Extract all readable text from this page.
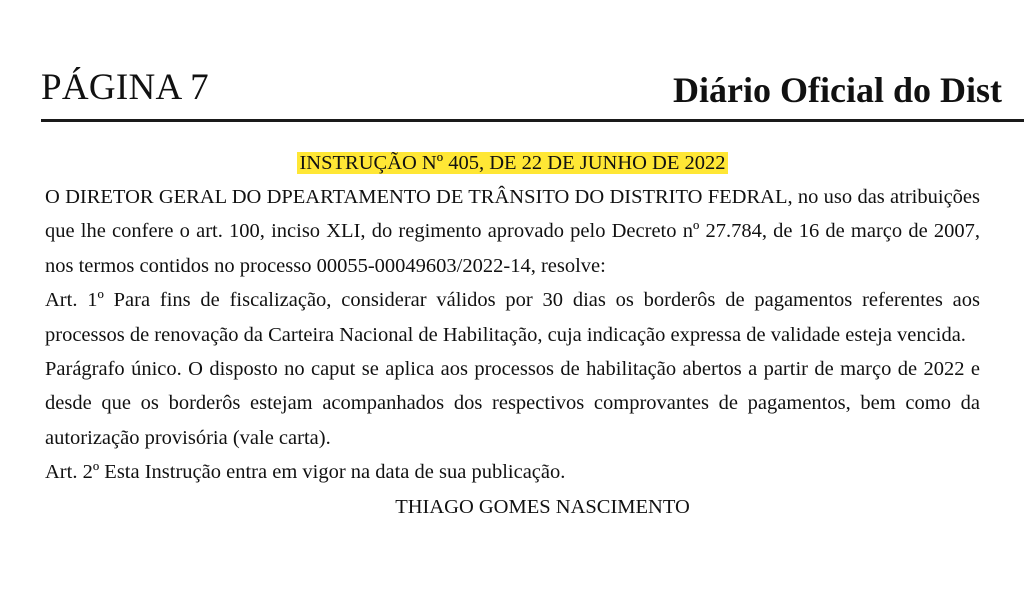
PÁGINA 7	Diário Oficial do Dist
INSTRUÇÃO Nº 405, DE 22 DE JUNHO DE 2022

O DIRETOR GERAL DO DPEARTAMENTO DE TRÂNSITO DO DISTRITO FEDRAL, no uso das atribuições que lhe confere o art. 100, inciso XLI, do regimento aprovado pelo Decreto nº 27.784, de 16 de março de 2007, nos termos contidos no processo 00055-00049603/2022-14, resolve:

Art. 1º Para fins de fiscalização, considerar válidos por 30 dias os borderôs de pagamentos referentes aos processos de renovação da Carteira Nacional de Habilitação, cuja indicação expressa de validade esteja vencida.

Parágrafo único. O disposto no caput se aplica aos processos de habilitação abertos a partir de março de 2022 e desde que os borderôs estejam acompanhados dos respectivos comprovantes de pagamentos, bem como da autorização provisória (vale carta).

Art. 2º Esta Instrução entra em vigor na data de sua publicação.

THIAGO GOMES NASCIMENTO
